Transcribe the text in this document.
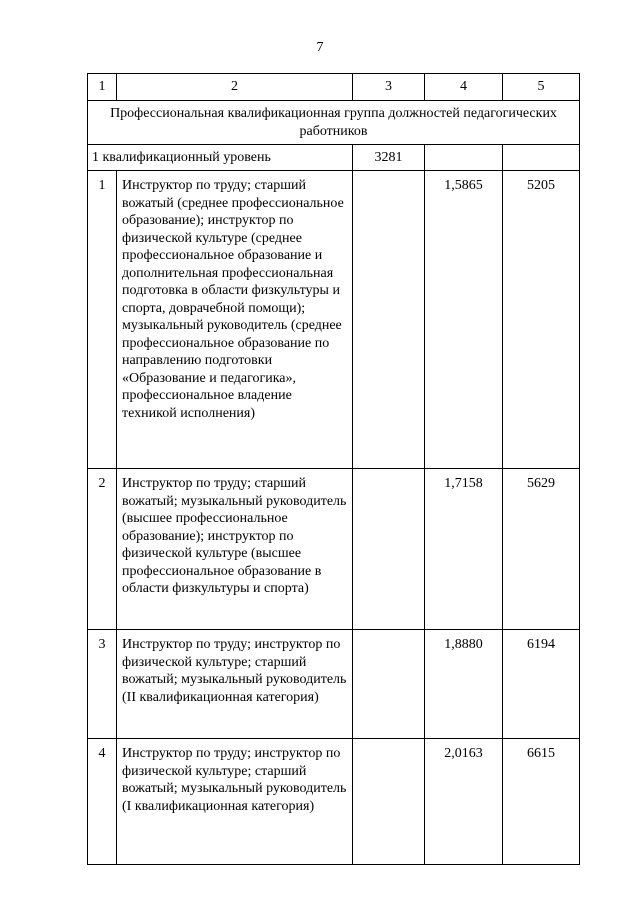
7
1	2	3	4	5
Профессиональная квалификационная группа должностей педагогических работников				
1 квалификационный уровень		3281		
1	Инструктор по труду; старший вожатый (среднее профессиональное образование); инструктор по физической культуре (среднее профессиональное образование и дополнительная профессиональная подготовка в области физкультуры и спорта, доврачебной помощи); музыкальный руководитель (среднее профессиональное образование по направлению подготовки «Образование и педагогика», профессиональное владение техникой исполнения)		1,5865	5205
2	Инструктор по труду; старший вожатый; музыкальный руководитель (высшее профессиональное образование); инструктор по физической культуре (высшее профессиональное образование в области физкультуры и спорта)		1,7158	5629
3	Инструктор по труду; инструктор по физической культуре; старший вожатый; музыкальный руководитель (II квалификационная категория)		1,8880	6194
4	Инструктор по труду; инструктор по физической культуре; старший вожатый; музыкальный руководитель (I квалификационная категория)		2,0163	6615
